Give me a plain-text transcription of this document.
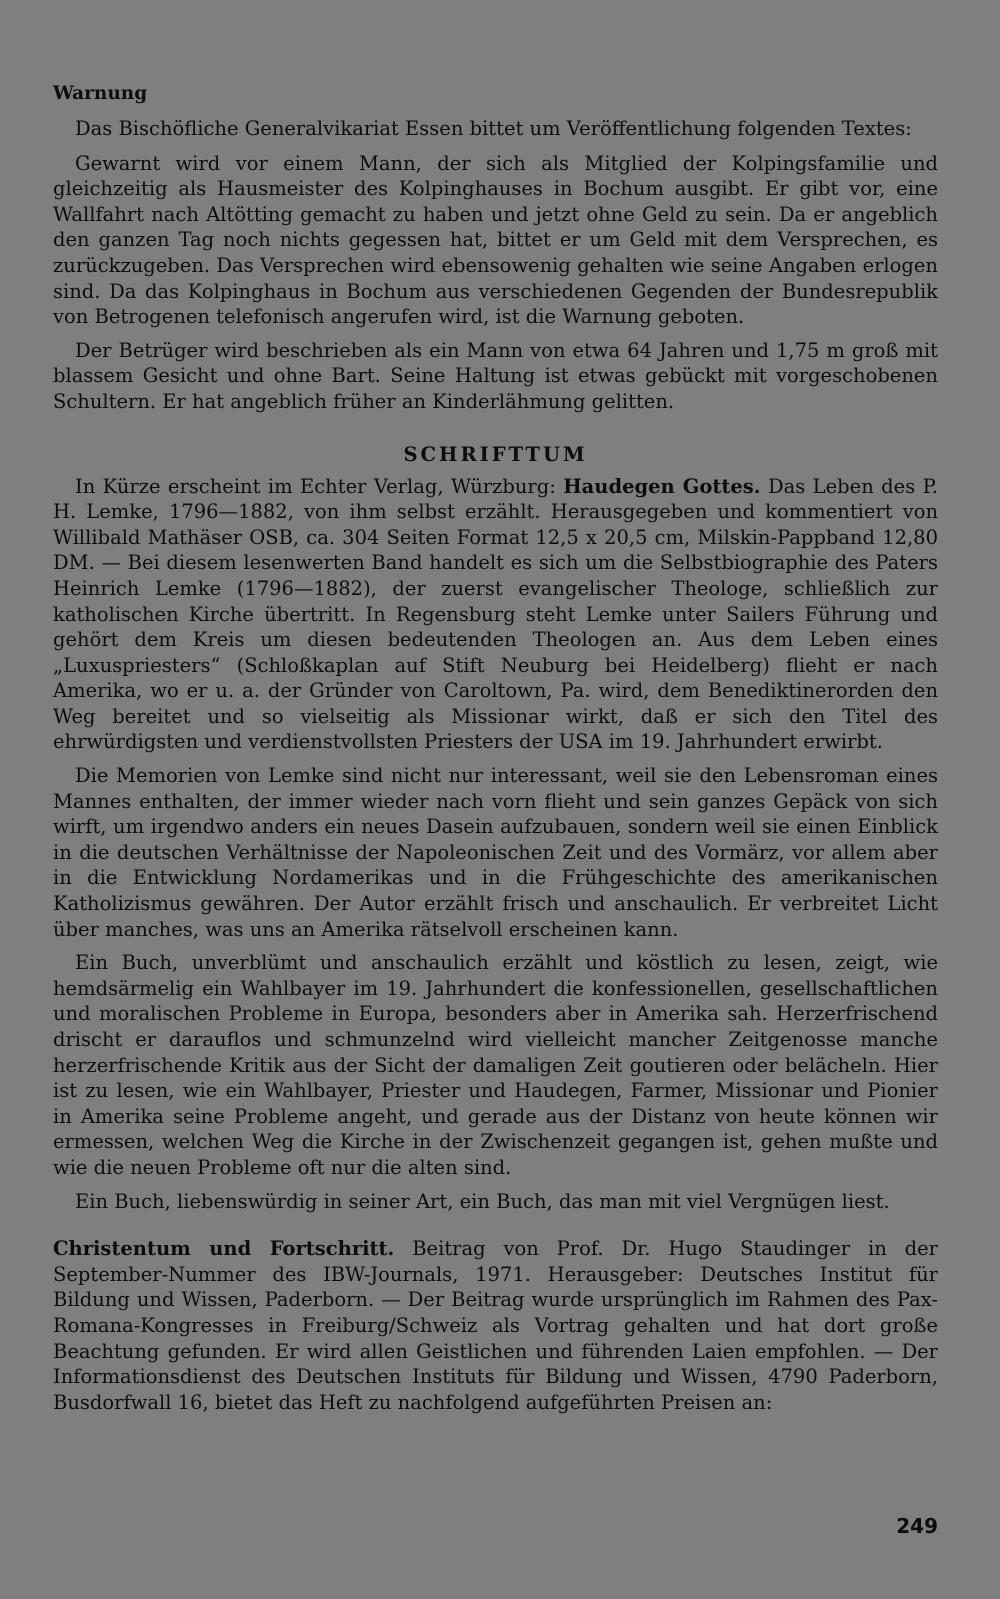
Warnung

Das Bischöfliche Generalvikariat Essen bittet um Veröffentlichung folgenden Textes:

Gewarnt wird vor einem Mann, der sich als Mitglied der Kolpingsfamilie und gleichzeitig als Hausmeister des Kolpinghauses in Bochum ausgibt. Er gibt vor, eine Wallfahrt nach Altötting gemacht zu haben und jetzt ohne Geld zu sein. Da er angeblich den ganzen Tag noch nichts gegessen hat, bittet er um Geld mit dem Versprechen, es zurückzugeben. Das Versprechen wird ebensowenig gehalten wie seine Angaben erlogen sind. Da das Kolpinghaus in Bochum aus verschiedenen Gegenden der Bundesrepublik von Betrogenen telefonisch angerufen wird, ist die Warnung geboten.

Der Betrüger wird beschrieben als ein Mann von etwa 64 Jahren und 1,75 m groß mit blassem Gesicht und ohne Bart. Seine Haltung ist etwas gebückt mit vorgeschobenen Schultern. Er hat angeblich früher an Kinderlähmung gelitten.

SCHRIFTTUM

In Kürze erscheint im Echter Verlag, Würzburg: Haudegen Gottes. Das Leben des P. H. Lemke, 1796—1882, von ihm selbst erzählt. Herausgegeben und kommentiert von Willibald Mathäser OSB, ca. 304 Seiten Format 12,5 x 20,5 cm, Milskin-Pappband 12,80 DM. — Bei diesem lesenwerten Band handelt es sich um die Selbstbiographie des Paters Heinrich Lemke (1796—1882), der zuerst evangelischer Theologe, schließlich zur katholischen Kirche übertritt. In Regensburg steht Lemke unter Sailers Führung und gehört dem Kreis um diesen bedeutenden Theologen an. Aus dem Leben eines „Luxuspriesters“ (Schloßkaplan auf Stift Neuburg bei Heidelberg) flieht er nach Amerika, wo er u. a. der Gründer von Caroltown, Pa. wird, dem Benediktinerorden den Weg bereitet und so vielseitig als Missionar wirkt, daß er sich den Titel des ehrwürdigsten und verdienstvollsten Priesters der USA im 19. Jahrhundert erwirbt.

Die Memorien von Lemke sind nicht nur interessant, weil sie den Lebensroman eines Mannes enthalten, der immer wieder nach vorn flieht und sein ganzes Gepäck von sich wirft, um irgendwo anders ein neues Dasein aufzubauen, sondern weil sie einen Einblick in die deutschen Verhältnisse der Napoleonischen Zeit und des Vormärz, vor allem aber in die Entwicklung Nordamerikas und in die Frühgeschichte des amerikanischen Katholizismus gewähren. Der Autor erzählt frisch und anschaulich. Er verbreitet Licht über manches, was uns an Amerika rätselvoll erscheinen kann.

Ein Buch, unverblümt und anschaulich erzählt und köstlich zu lesen, zeigt, wie hemdsärmelig ein Wahlbayer im 19. Jahrhundert die konfessionellen, gesellschaftlichen und moralischen Probleme in Europa, besonders aber in Amerika sah. Herzerfrischend drischt er darauflos und schmunzelnd wird vielleicht mancher Zeitgenosse manche herzerfrischende Kritik aus der Sicht der damaligen Zeit goutieren oder belächeln. Hier ist zu lesen, wie ein Wahlbayer, Priester und Haudegen, Farmer, Missionar und Pionier in Amerika seine Probleme angeht, und gerade aus der Distanz von heute können wir ermessen, welchen Weg die Kirche in der Zwischenzeit gegangen ist, gehen mußte und wie die neuen Probleme oft nur die alten sind.

Ein Buch, liebenswürdig in seiner Art, ein Buch, das man mit viel Vergnügen liest.

Christentum und Fortschritt. Beitrag von Prof. Dr. Hugo Staudinger in der September-Nummer des IBW-Journals, 1971. Herausgeber: Deutsches Institut für Bildung und Wissen, Paderborn. — Der Beitrag wurde ursprünglich im Rahmen des Pax-Romana-Kongresses in Freiburg/Schweiz als Vortrag gehalten und hat dort große Beachtung gefunden. Er wird allen Geistlichen und führenden Laien empfohlen. — Der Informationsdienst des Deutschen Instituts für Bildung und Wissen, 4790 Paderborn, Busdorfwall 16, bietet das Heft zu nachfolgend aufgeführten Preisen an:

249
